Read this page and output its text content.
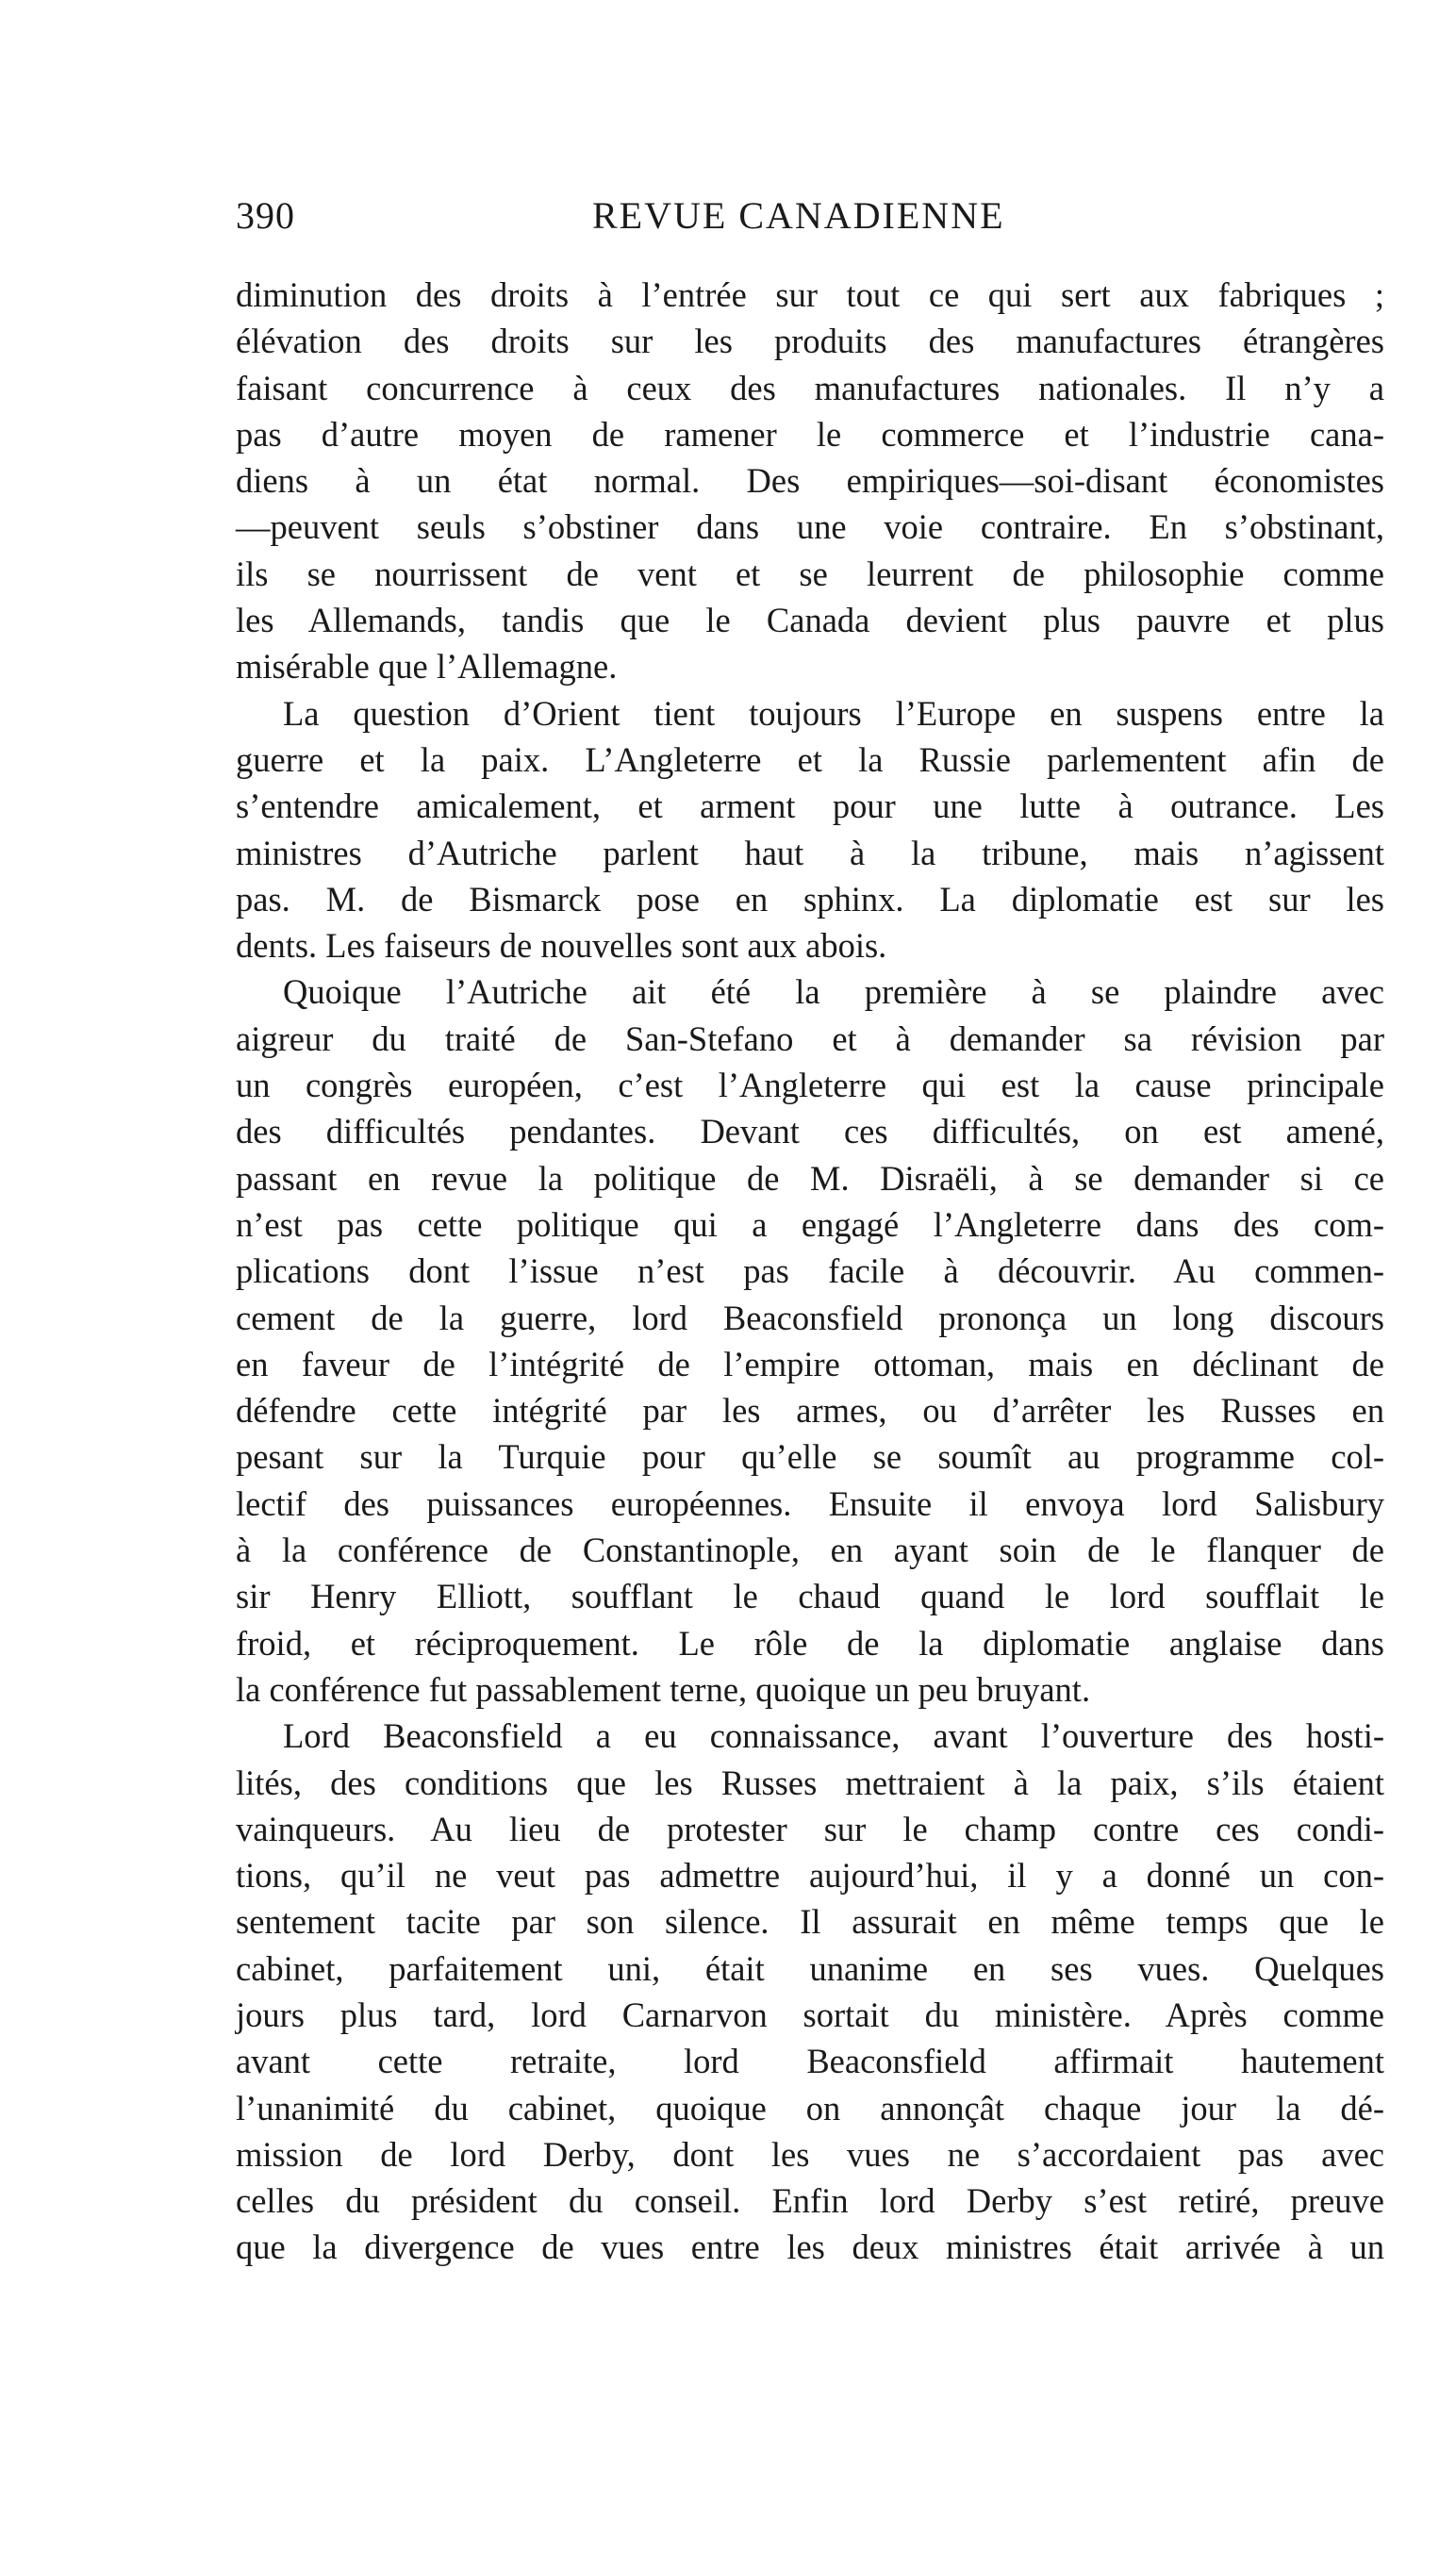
390	REVUE CANADIENNE
diminution des droits à l’entrée sur tout ce qui sert aux fabriques ;
élévation des droits sur les produits des manufactures étrangères
faisant concurrence à ceux des manufactures nationales. Il n’y a
pas d’autre moyen de ramener le commerce et l’industrie cana-
diens à un état normal. Des empiriques—soi-disant économistes
—peuvent seuls s’obstiner dans une voie contraire. En s’obstinant,
ils se nourrissent de vent et se leurrent de philosophie comme
les Allemands, tandis que le Canada devient plus pauvre et plus
misérable que l’Allemagne.
La question d’Orient tient toujours l’Europe en suspens entre la
guerre et la paix. L’Angleterre et la Russie parlementent afin de
s’entendre amicalement, et arment pour une lutte à outrance. Les
ministres d’Autriche parlent haut à la tribune, mais n’agissent
pas. M. de Bismarck pose en sphinx. La diplomatie est sur les
dents. Les faiseurs de nouvelles sont aux abois.
Quoique l’Autriche ait été la première à se plaindre avec
aigreur du traité de San-Stefano et à demander sa révision par
un congrès européen, c’est l’Angleterre qui est la cause principale
des difficultés pendantes. Devant ces difficultés, on est amené,
passant en revue la politique de M. Disraëli, à se demander si ce
n’est pas cette politique qui a engagé l’Angleterre dans des com-
plications dont l’issue n’est pas facile à découvrir. Au commen-
cement de la guerre, lord Beaconsfield prononça un long discours
en faveur de l’intégrité de l’empire ottoman, mais en déclinant de
défendre cette intégrité par les armes, ou d’arrêter les Russes en
pesant sur la Turquie pour qu’elle se soumît au programme col-
lectif des puissances européennes. Ensuite il envoya lord Salisbury
à la conférence de Constantinople, en ayant soin de le flanquer de
sir Henry Elliott, soufflant le chaud quand le lord soufflait le
froid, et réciproquement. Le rôle de la diplomatie anglaise dans
la conférence fut passablement terne, quoique un peu bruyant.
Lord Beaconsfield a eu connaissance, avant l’ouverture des hosti-
lités, des conditions que les Russes mettraient à la paix, s’ils étaient
vainqueurs. Au lieu de protester sur le champ contre ces condi-
tions, qu’il ne veut pas admettre aujourd’hui, il y a donné un con-
sentement tacite par son silence. Il assurait en même temps que le
cabinet, parfaitement uni, était unanime en ses vues. Quelques
jours plus tard, lord Carnarvon sortait du ministère. Après comme
avant cette retraite, lord Beaconsfield affirmait hautement
l’unanimité du cabinet, quoique on annonçât chaque jour la dé-
mission de lord Derby, dont les vues ne s’accordaient pas avec
celles du président du conseil. Enfin lord Derby s’est retiré, preuve
que la divergence de vues entre les deux ministres était arrivée à un
